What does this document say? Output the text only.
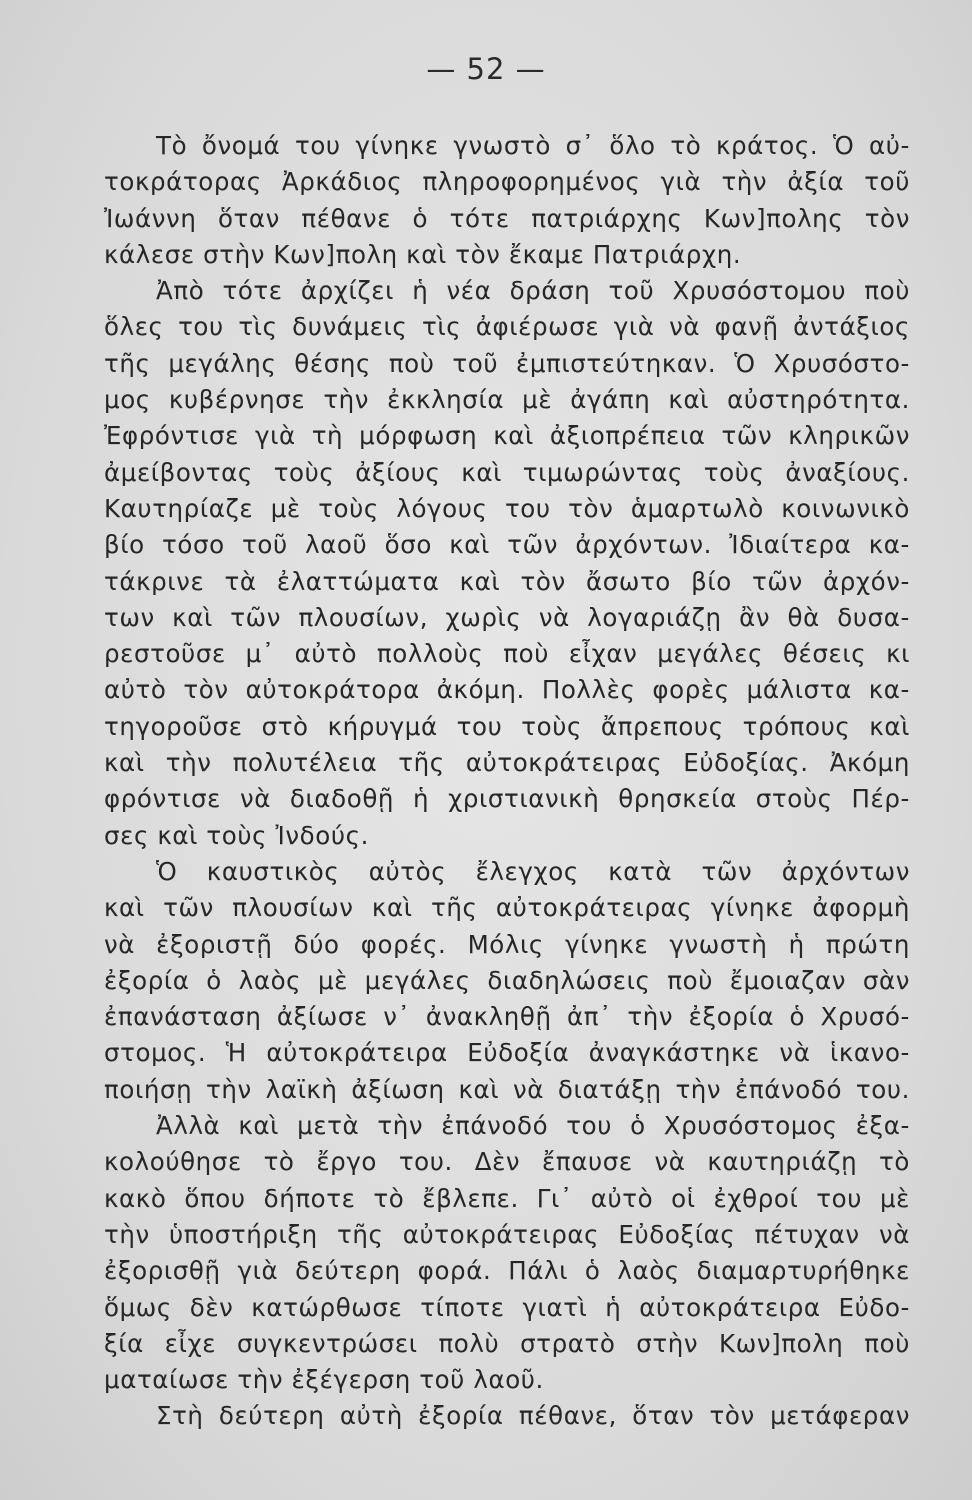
— 52 —
Τὸ ὄνομά του γίνηκε γνωστὸ σ᾿ ὅλο τὸ κράτος. Ὁ αὐ-
τοκράτορας Ἀρκάδιος πληροφορημένος γιὰ τὴν ἀξία τοῦ
Ἰωάννη ὅταν πέθανε ὁ τότε πατριάρχης Κων]πολης τὸν
κάλεσε στὴν Κων]πολη καὶ τὸν ἔκαμε Πατριάρχη.
Ἀπὸ τότε ἀρχίζει ἡ νέα δράση τοῦ Χρυσόστομου ποὺ
ὅλες του τὶς δυνάμεις τὶς ἀφιέρωσε γιὰ νὰ φανῇ ἀντάξιος
τῆς μεγάλης θέσης ποὺ τοῦ ἐμπιστεύτηκαν. Ὁ Χρυσόστο-
μος κυβέρνησε τὴν ἐκκλησία μὲ ἀγάπη καὶ αὐστηρότητα.
Ἐφρόντισε γιὰ τὴ μόρφωση καὶ ἀξιοπρέπεια τῶν κληρικῶν
ἀμείβοντας τοὺς ἀξίους καὶ τιμωρώντας τοὺς ἀναξίους.
Καυτηρίαζε μὲ τοὺς λόγους του τὸν ἁμαρτωλὸ κοινωνικὸ
βίο τόσο τοῦ λαοῦ ὅσο καὶ τῶν ἀρχόντων. Ἰδιαίτερα κα-
τάκρινε τὰ ἐλαττώματα καὶ τὸν ἄσωτο βίο τῶν ἀρχόν-
των καὶ τῶν πλουσίων, χωρὶς νὰ λογαριάζῃ ἂν θὰ δυσα-
ρεστοῦσε μ᾿ αὐτὸ πολλοὺς ποὺ εἶχαν μεγάλες θέσεις κι
αὐτὸ τὸν αὐτοκράτορα ἀκόμη. Πολλὲς φορὲς μάλιστα κα-
τηγοροῦσε στὸ κήρυγμά του τοὺς ἄπρεπους τρόπους καὶ
καὶ τὴν πολυτέλεια τῆς αὐτοκράτειρας Εὐδοξίας. Ἀκόμη
φρόντισε νὰ διαδοθῇ ἡ χριστιανικὴ θρησκεία στοὺς Πέρ-
σες καὶ τοὺς Ἰνδούς.
Ὁ καυστικὸς αὐτὸς ἔλεγχος κατὰ τῶν ἀρχόντων
καὶ τῶν πλουσίων καὶ τῆς αὐτοκράτειρας γίνηκε ἀφορμὴ
νὰ ἐξοριστῇ δύο φορές. Μόλις γίνηκε γνωστὴ ἡ πρώτη
ἐξορία ὁ λαὸς μὲ μεγάλες διαδηλώσεις ποὺ ἔμοιαζαν σὰν
ἐπανάσταση ἀξίωσε ν᾿ ἀνακληθῇ ἀπ᾿ τὴν ἐξορία ὁ Χρυσό-
στομος. Ἡ αὐτοκράτειρα Εὐδοξία ἀναγκάστηκε νὰ ἱκανο-
ποιήσῃ τὴν λαϊκὴ ἀξίωση καὶ νὰ διατάξῃ τὴν ἐπάνοδό του.
Ἀλλὰ καὶ μετὰ τὴν ἐπάνοδό του ὁ Χρυσόστομος ἐξα-
κολούθησε τὸ ἔργο του. Δὲν ἔπαυσε νὰ καυτηριάζῃ τὸ
κακὸ ὅπου δήποτε τὸ ἔβλεπε. Γι᾿ αὐτὸ οἱ ἐχθροί του μὲ
τὴν ὑποστήριξη τῆς αὐτοκράτειρας Εὐδοξίας πέτυχαν νὰ
ἐξορισθῇ γιὰ δεύτερη φορά. Πάλι ὁ λαὸς διαμαρτυρήθηκε
ὅμως δὲν κατώρθωσε τίποτε γιατὶ ἡ αὐτοκράτειρα Εὐδο-
ξία εἶχε συγκεντρώσει πολὺ στρατὸ στὴν Κων]πολη ποὺ
ματαίωσε τὴν ἐξέγερση τοῦ λαοῦ.
Στὴ δεύτερη αὐτὴ ἐξορία πέθανε, ὅταν τὸν μετάφεραν
